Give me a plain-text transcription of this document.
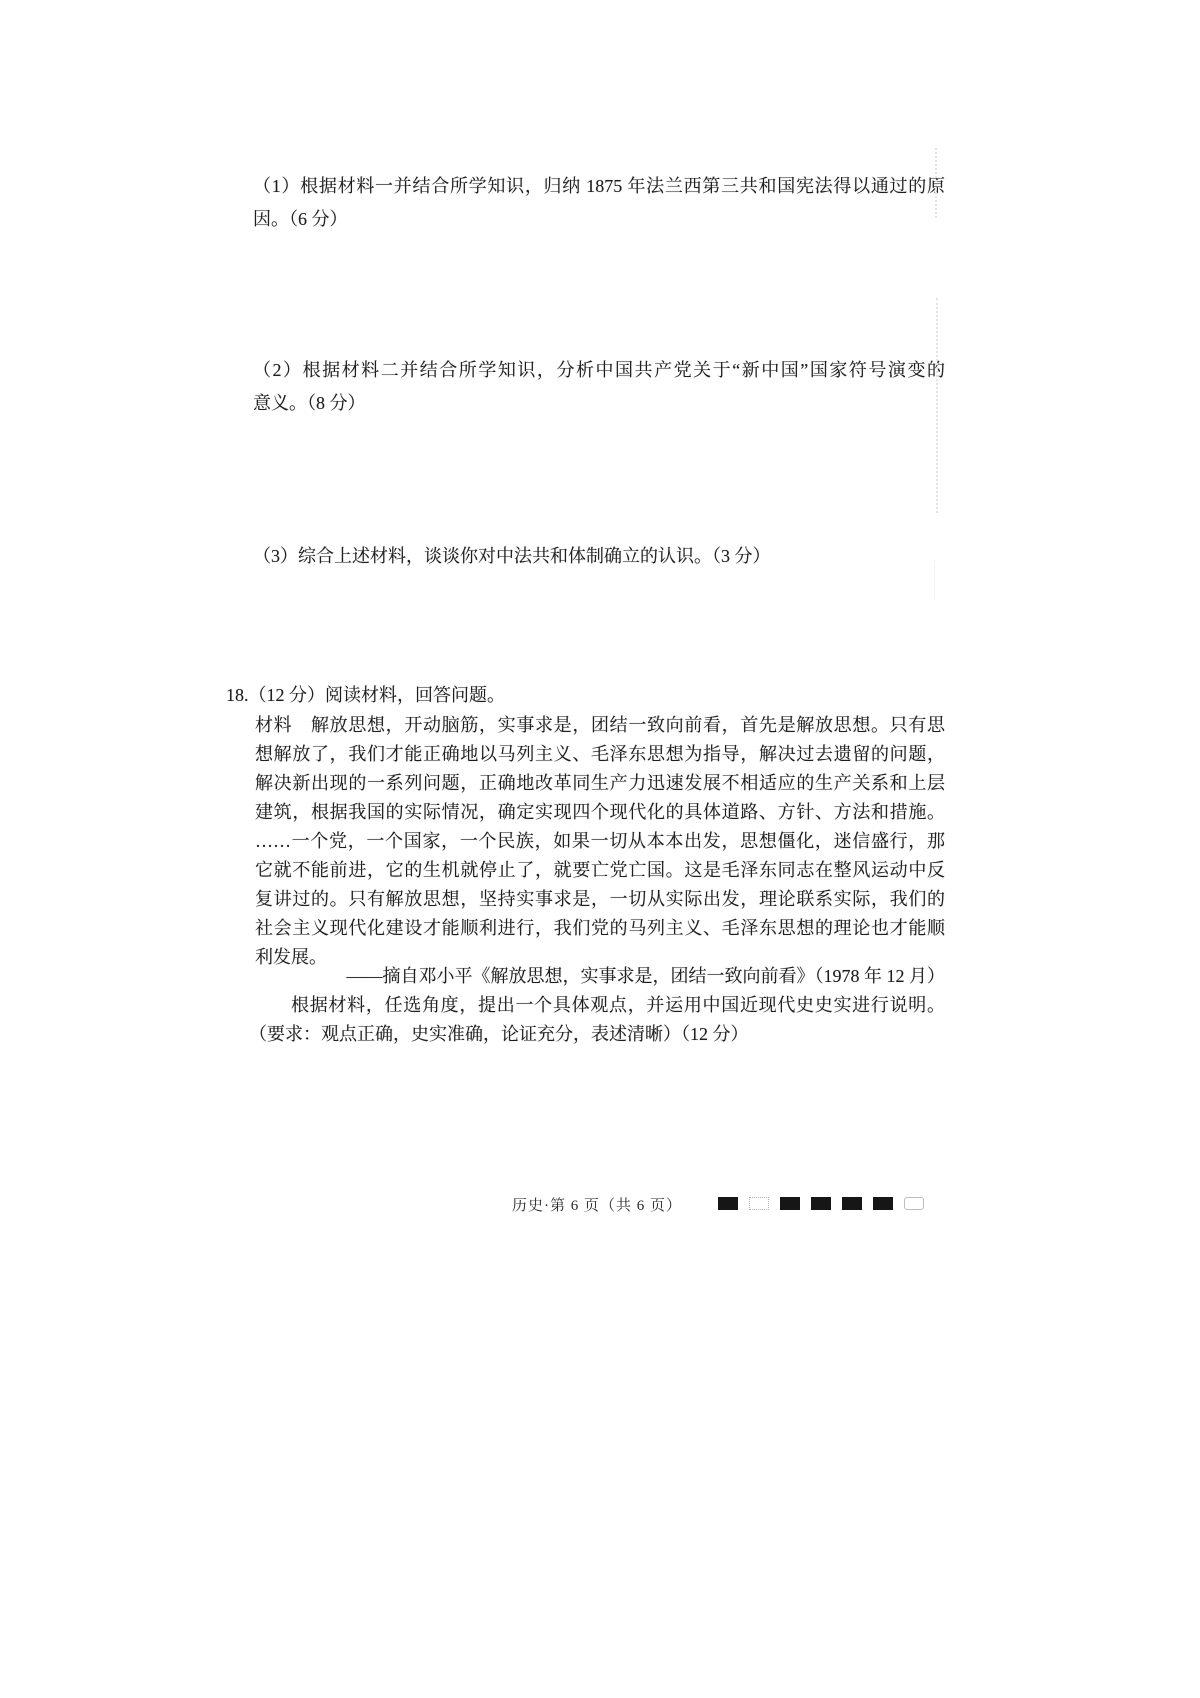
（1）根据材料一并结合所学知识，归纳 1875 年法兰西第三共和国宪法得以通过的原
因。（6 分）
（2）根据材料二并结合所学知识，分析中国共产党关于“新中国”国家符号演变的
意义。（8 分）
（3）综合上述材料，谈谈你对中法共和体制确立的认识。（3 分）
18.（12 分）阅读材料，回答问题。
材料　解放思想，开动脑筋，实事求是，团结一致向前看，首先是解放思想。只有思
想解放了，我们才能正确地以马列主义、毛泽东思想为指导，解决过去遗留的问题，
解决新出现的一系列问题，正确地改革同生产力迅速发展不相适应的生产关系和上层
建筑，根据我国的实际情况，确定实现四个现代化的具体道路、方针、方法和措施。
……一个党，一个国家，一个民族，如果一切从本本出发，思想僵化，迷信盛行，那
它就不能前进，它的生机就停止了，就要亡党亡国。这是毛泽东同志在整风运动中反
复讲过的。只有解放思想，坚持实事求是，一切从实际出发，理论联系实际，我们的
社会主义现代化建设才能顺利进行，我们党的马列主义、毛泽东思想的理论也才能顺
利发展。
——摘自邓小平《解放思想，实事求是，团结一致向前看》（1978 年 12 月）
根据材料，任选角度，提出一个具体观点，并运用中国近现代史史实进行说明。
（要求：观点正确，史实准确，论证充分，表述清晰）（12 分）
历史·第 6 页（共 6 页）
